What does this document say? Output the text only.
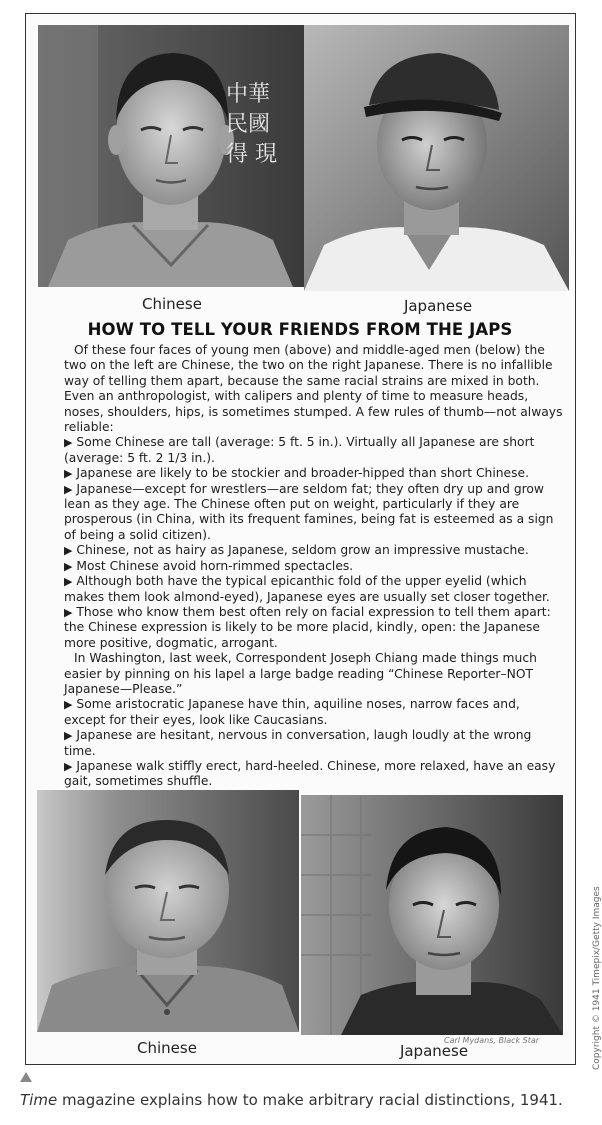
中華民國 得 現
Chinese	Japanese
HOW TO TELL YOUR FRIENDS FROM THE JAPS

Of these four faces of young men (above) and middle-aged men (below) the two on the left are Chinese, the two on the right Japanese. There is no infallible way of telling them apart, because the same racial strains are mixed in both. Even an anthropologist, with calipers and plenty of time to measure heads, noses, shoulders, hips, is sometimes stumped. A few rules of thumb—not always reliable:

▶ Some Chinese are tall (average: 5 ft. 5 in.). Virtually all Japanese are short (average: 5 ft. 2 1/3 in.).

▶ Japanese are likely to be stockier and broader-hipped than short Chinese.

▶ Japanese—except for wrestlers—are seldom fat; they often dry up and grow lean as they age. The Chinese often put on weight, particularly if they are prosperous (in China, with its frequent famines, being fat is esteemed as a sign of being a solid citizen).

▶ Chinese, not as hairy as Japanese, seldom grow an impressive mustache.

▶ Most Chinese avoid horn-rimmed spectacles.

▶ Although both have the typical epicanthic fold of the upper eyelid (which makes them look almond-eyed), Japanese eyes are usually set closer together.

▶ Those who know them best often rely on facial expression to tell them apart: the Chinese expression is likely to be more placid, kindly, open: the Japanese more positive, dogmatic, arrogant.

In Washington, last week, Correspondent Joseph Chiang made things much easier by pinning on his lapel a large badge reading “Chinese Reporter–NOT Japanese—Please.”

▶ Some aristocratic Japanese have thin, aquiline noses, narrow faces and, except for their eyes, look like Caucasians.

▶ Japanese are hesitant, nervous in conversation, laugh loudly at the wrong time.

▶ Japanese walk stiffly erect, hard-heeled. Chinese, more relaxed, have an easy gait, sometimes shuffle.

Carl Mydans, Black Star
Chinese	Japanese	Copyright © 1941 Timepix/Getty Images
Time magazine explains how to make arbitrary racial distinctions, 1941.
